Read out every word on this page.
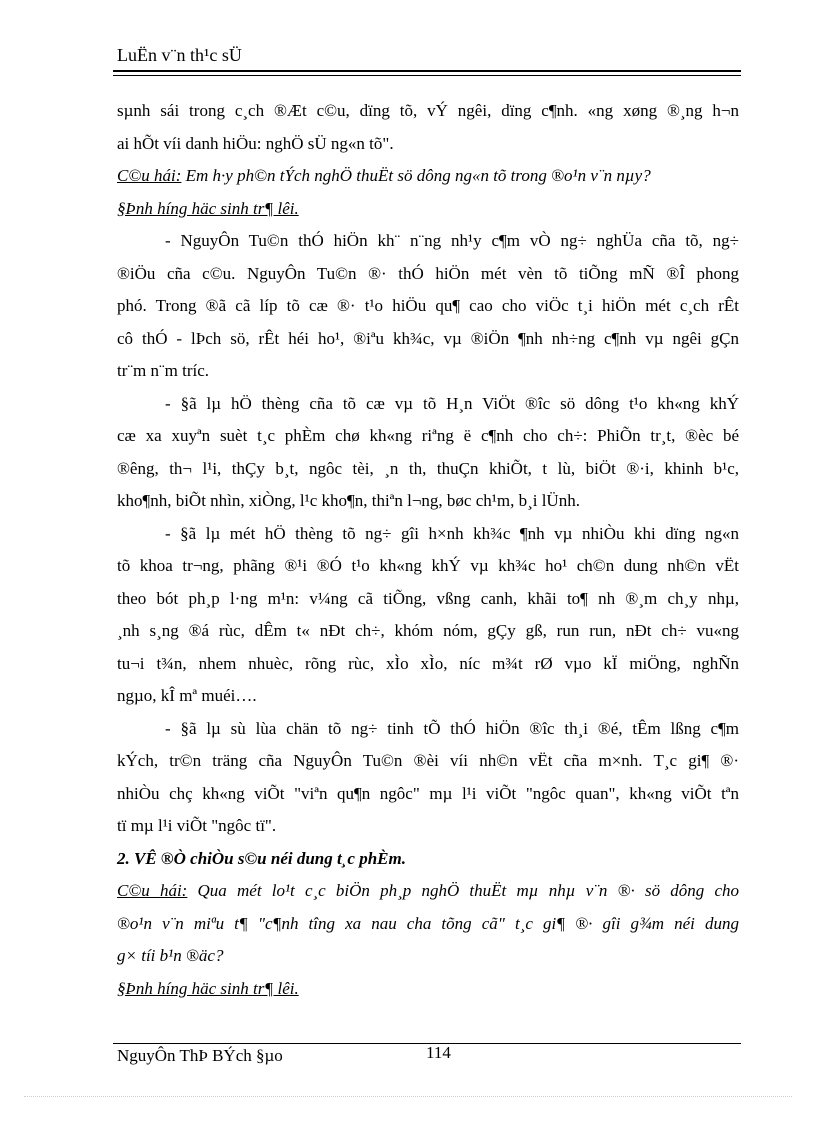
LuËn v¨n th¹c sÜ
sµnh sái trong c¸ch ®Æt c©u, dïng tõ, vÝ ngêi, dïng c¶nh. «ng xøng ®¸ng h¬n
ai hÕt víi danh hiÖu: nghÖ sÜ ng«n tõ".
C©u hái: Em h·y ph©n tÝch nghÖ thuËt sö dông ng«n tõ trong ®o¹n v¨n nµy?
§Þnh híng häc sinh tr¶ lêi.
- NguyÔn Tu©n thÓ hiÖn kh¨ n¨ng nh¹y c¶m vÒ ng÷ nghÜa cña tõ, ng÷
®iÖu cña c©u. NguyÔn Tu©n ®· thÓ hiÖn mét vèn tõ tiÕng mÑ ®Î phong
phó. Trong ®ã cã líp tõ cæ ®· t¹o hiÖu qu¶ cao cho viÖc t¸i hiÖn mét c¸ch rÊt
cô thÓ - lÞch sö, rÊt héi ho¹, ®iªu kh¾c, vµ ®iÖn ¶nh nh÷ng c¶nh vµ ngêi gÇn
tr¨m n¨m tríc.
- §ã lµ hÖ thèng cña tõ cæ vµ tõ H¸n ViÖt ®îc sö dông t¹o kh«ng khÝ
cæ xa xuyªn suèt t¸c phÈm chø kh«ng riªng ë c¶nh cho ch÷: PhiÕn tr¸t, ®èc bé
®êng, th¬ l¹i, thÇy b¸t, ngôc tèi, ¸n th, thuÇn khiÕt, t lù, biÖt ®·i, khinh b¹c,
kho¶nh, biÕt nhìn, xiÒng, l¹c kho¶n, thiªn l¬ng, bøc ch¹m, b¸i lÜnh.
- §ã lµ mét hÖ thèng tõ ng÷ gîi h×nh kh¾c ¶nh vµ nhiÒu khi dïng ng«n
tõ khoa tr¬ng, phãng ®¹i ®Ó t¹o kh«ng khÝ vµ kh¾c ho¹ ch©n dung nh©n vËt
theo bót ph¸p l·ng m¹n: v¼ng cã tiÕng, vßng canh, khãi to¶ nh ®¸m ch¸y nhµ,
¸nh s¸ng ®á rùc, dÊm t« nÐt ch÷, khóm nóm, gÇy gß, run run, nÐt ch÷ vu«ng
tu¬i t¾n, nhem nhuèc, rõng rùc, xÌo xÌo, níc m¾t rØ vµo kÏ miÖng, nghÑn
ngµo, kÎ mª muéi….
- §ã lµ sù lùa chän tõ ng÷ tinh tÕ thÓ hiÖn ®îc th¸i ®é, tÊm lßng c¶m
kÝch, tr©n träng cña NguyÔn Tu©n ®èi víi nh©n vËt cña m×nh. T¸c gi¶ ®·
nhiÒu chç kh«ng viÕt "viªn qu¶n ngôc" mµ l¹i viÕt "ngôc quan", kh«ng viÕt tªn
tï mµ l¹i viÕt "ngôc tï".
2. VÊ ®Ò chiÒu s©u néi dung t¸c phÈm.
C©u hái: Qua mét lo¹t c¸c biÖn ph¸p nghÖ thuËt mµ nhµ v¨n ®· sö dông cho
®o¹n v¨n miªu t¶ "c¶nh tîng xa nau cha tõng cã" t¸c gi¶ ®· gîi g¾m néi dung
g× tíi b¹n ®äc?
§Þnh híng häc sinh tr¶ lêi.
NguyÔn ThÞ BÝch §µo	114
